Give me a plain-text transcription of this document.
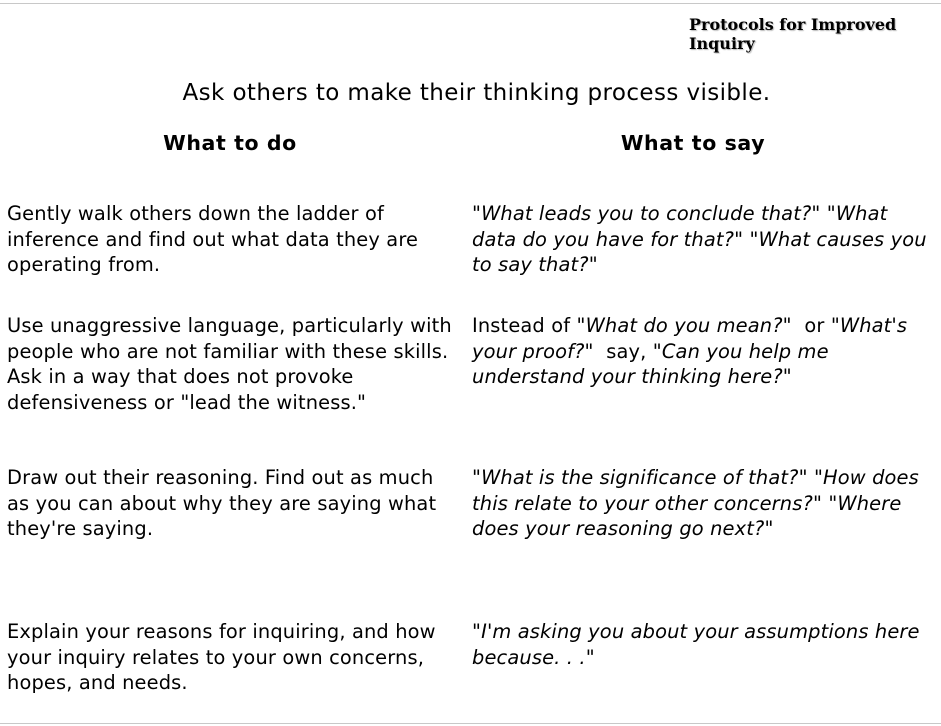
Protocols for Improved Inquiry
Ask others to make their thinking process visible.
What to do	What to say
Gently walk others down the ladder of inference and find out what data they are operating from.
"What leads you to conclude that?" "What data do you have for that?" "What causes you to say that?"
Use unaggressive language, particularly with people who are not familiar with these skills. Ask in a way that does not provoke defensiveness or "lead the witness."
Instead of "What do you mean?"  or "What's your proof?"  say, "Can you help me understand your thinking here?"
Draw out their reasoning. Find out as much as you can about why they are saying what they're saying.
"What is the significance of that?" "How does this relate to your other concerns?" "Where does your reasoning go next?"
Explain your reasons for inquiring, and how your inquiry relates to your own concerns, hopes, and needs.
"I'm asking you about your assumptions here because. . ."
